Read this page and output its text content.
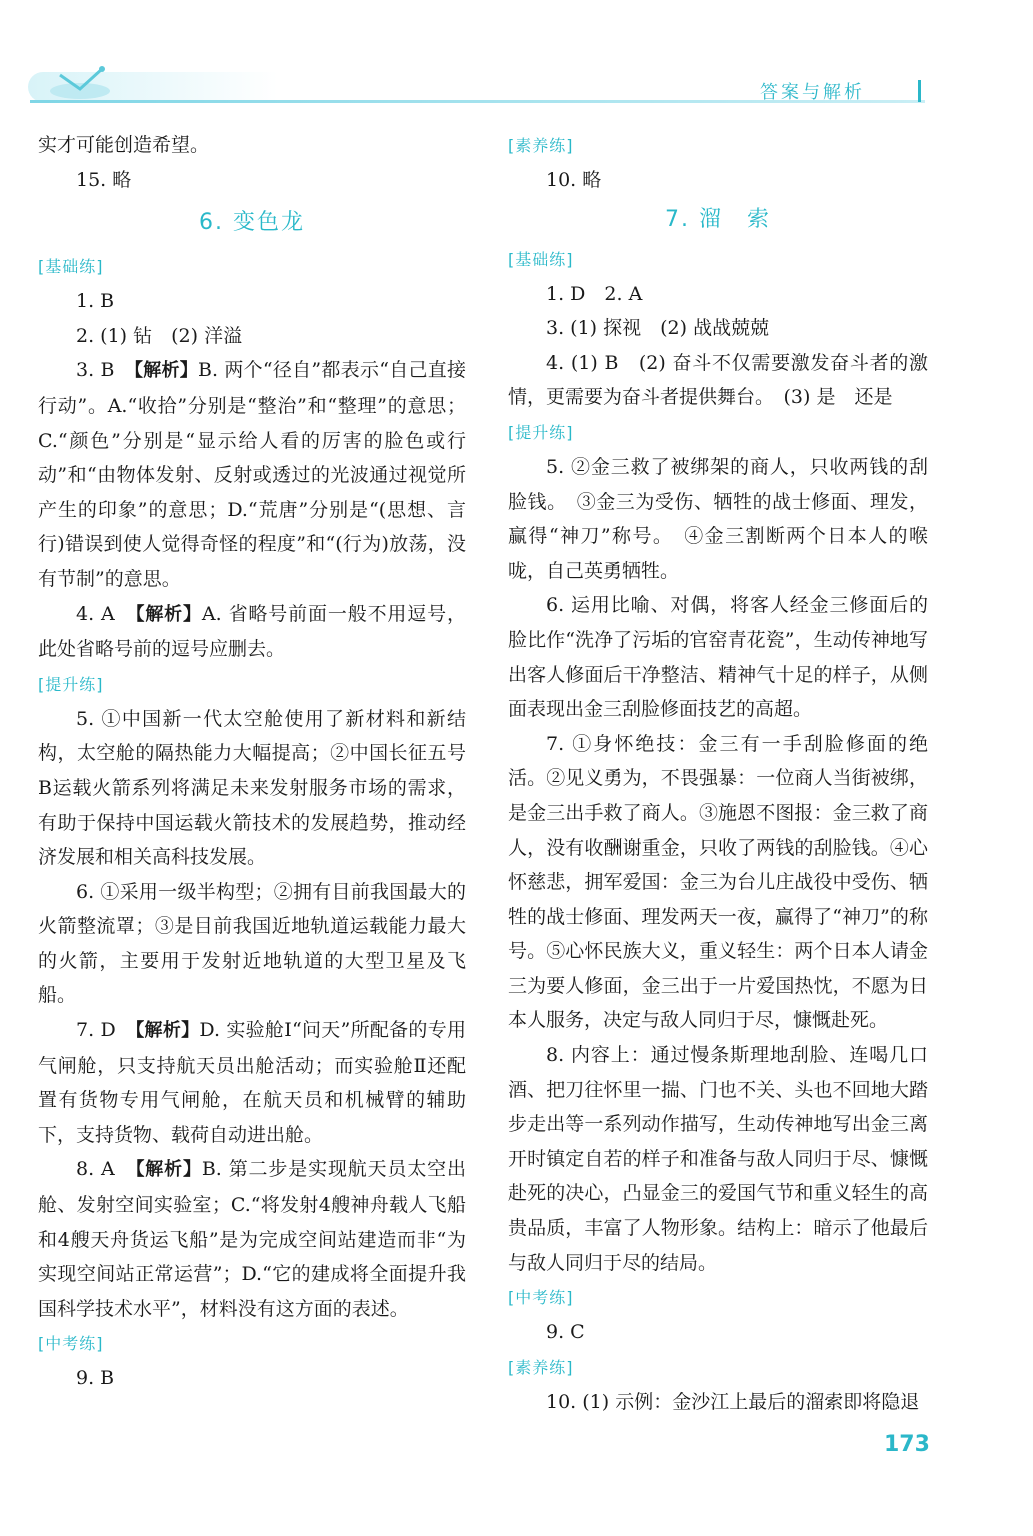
答案与解析

实才可能创造希望。

15. 略

6. 变色龙

[基础练]

1. B

2. (1) 钻　(2) 洋溢

3. B　【解析】B. 两个“径自”都表示“自己直接行动”。A.“收拾”分别是“整治”和“整理”的意思；C.“颜色”分别是“显示给人看的厉害的脸色或行动”和“由物体发射、反射或透过的光波通过视觉所产生的印象”的意思；D.“荒唐”分别是“(思想、言行)错误到使人觉得奇怪的程度”和“(行为)放荡，没有节制”的意思。

4. A　【解析】A. 省略号前面一般不用逗号，此处省略号前的逗号应删去。

[提升练]

5. ①中国新一代太空舱使用了新材料和新结构，太空舱的隔热能力大幅提高；②中国长征五号B运载火箭系列将满足未来发射服务市场的需求，有助于保持中国运载火箭技术的发展趋势，推动经济发展和相关高科技发展。

6. ①采用一级半构型；②拥有目前我国最大的火箭整流罩；③是目前我国近地轨道运载能力最大的火箭，主要用于发射近地轨道的大型卫星及飞船。

7. D　【解析】D. 实验舱Ⅰ“问天”所配备的专用气闸舱，只支持航天员出舱活动；而实验舱Ⅱ还配置有货物专用气闸舱，在航天员和机械臂的辅助下，支持货物、载荷自动进出舱。

8. A　【解析】B. 第二步是实现航天员太空出舱、发射空间实验室；C.“将发射4艘神舟载人飞船和4艘天舟货运飞船”是为完成空间站建造而非“为实现空间站正常运营”；D.“它的建成将全面提升我国科学技术水平”，材料没有这方面的表述。

[中考练]

9. B

[素养练]

10. 略

7. 溜　索

[基础练]

1. D　2. A

3. (1) 探视　(2) 战战兢兢

4. (1) B　(2) 奋斗不仅需要激发奋斗者的激情，更需要为奋斗者提供舞台。　(3) 是　还是

[提升练]

5. ②金三救了被绑架的商人，只收两钱的刮脸钱。　③金三为受伤、牺牲的战士修面、理发，赢得“神刀”称号。　④金三割断两个日本人的喉咙，自己英勇牺牲。

6. 运用比喻、对偶，将客人经金三修面后的脸比作“洗净了污垢的官窑青花瓷”，生动传神地写出客人修面后干净整洁、精神气十足的样子，从侧面表现出金三刮脸修面技艺的高超。

7. ①身怀绝技：金三有一手刮脸修面的绝活。②见义勇为，不畏强暴：一位商人当街被绑，是金三出手救了商人。③施恩不图报：金三救了商人，没有收酬谢重金，只收了两钱的刮脸钱。④心怀慈悲，拥军爱国：金三为台儿庄战役中受伤、牺牲的战士修面、理发两天一夜，赢得了“神刀”的称号。⑤心怀民族大义，重义轻生：两个日本人请金三为要人修面，金三出于一片爱国热忱，不愿为日本人服务，决定与敌人同归于尽，慷慨赴死。

8. 内容上：通过慢条斯理地刮脸、连喝几口酒、把刀往怀里一揣、门也不关、头也不回地大踏步走出等一系列动作描写，生动传神地写出金三离开时镇定自若的样子和准备与敌人同归于尽、慷慨赴死的决心，凸显金三的爱国气节和重义轻生的高贵品质，丰富了人物形象。结构上：暗示了他最后与敌人同归于尽的结局。

[中考练]

9. C

[素养练]

10. (1) 示例：金沙江上最后的溜索即将隐退

173
